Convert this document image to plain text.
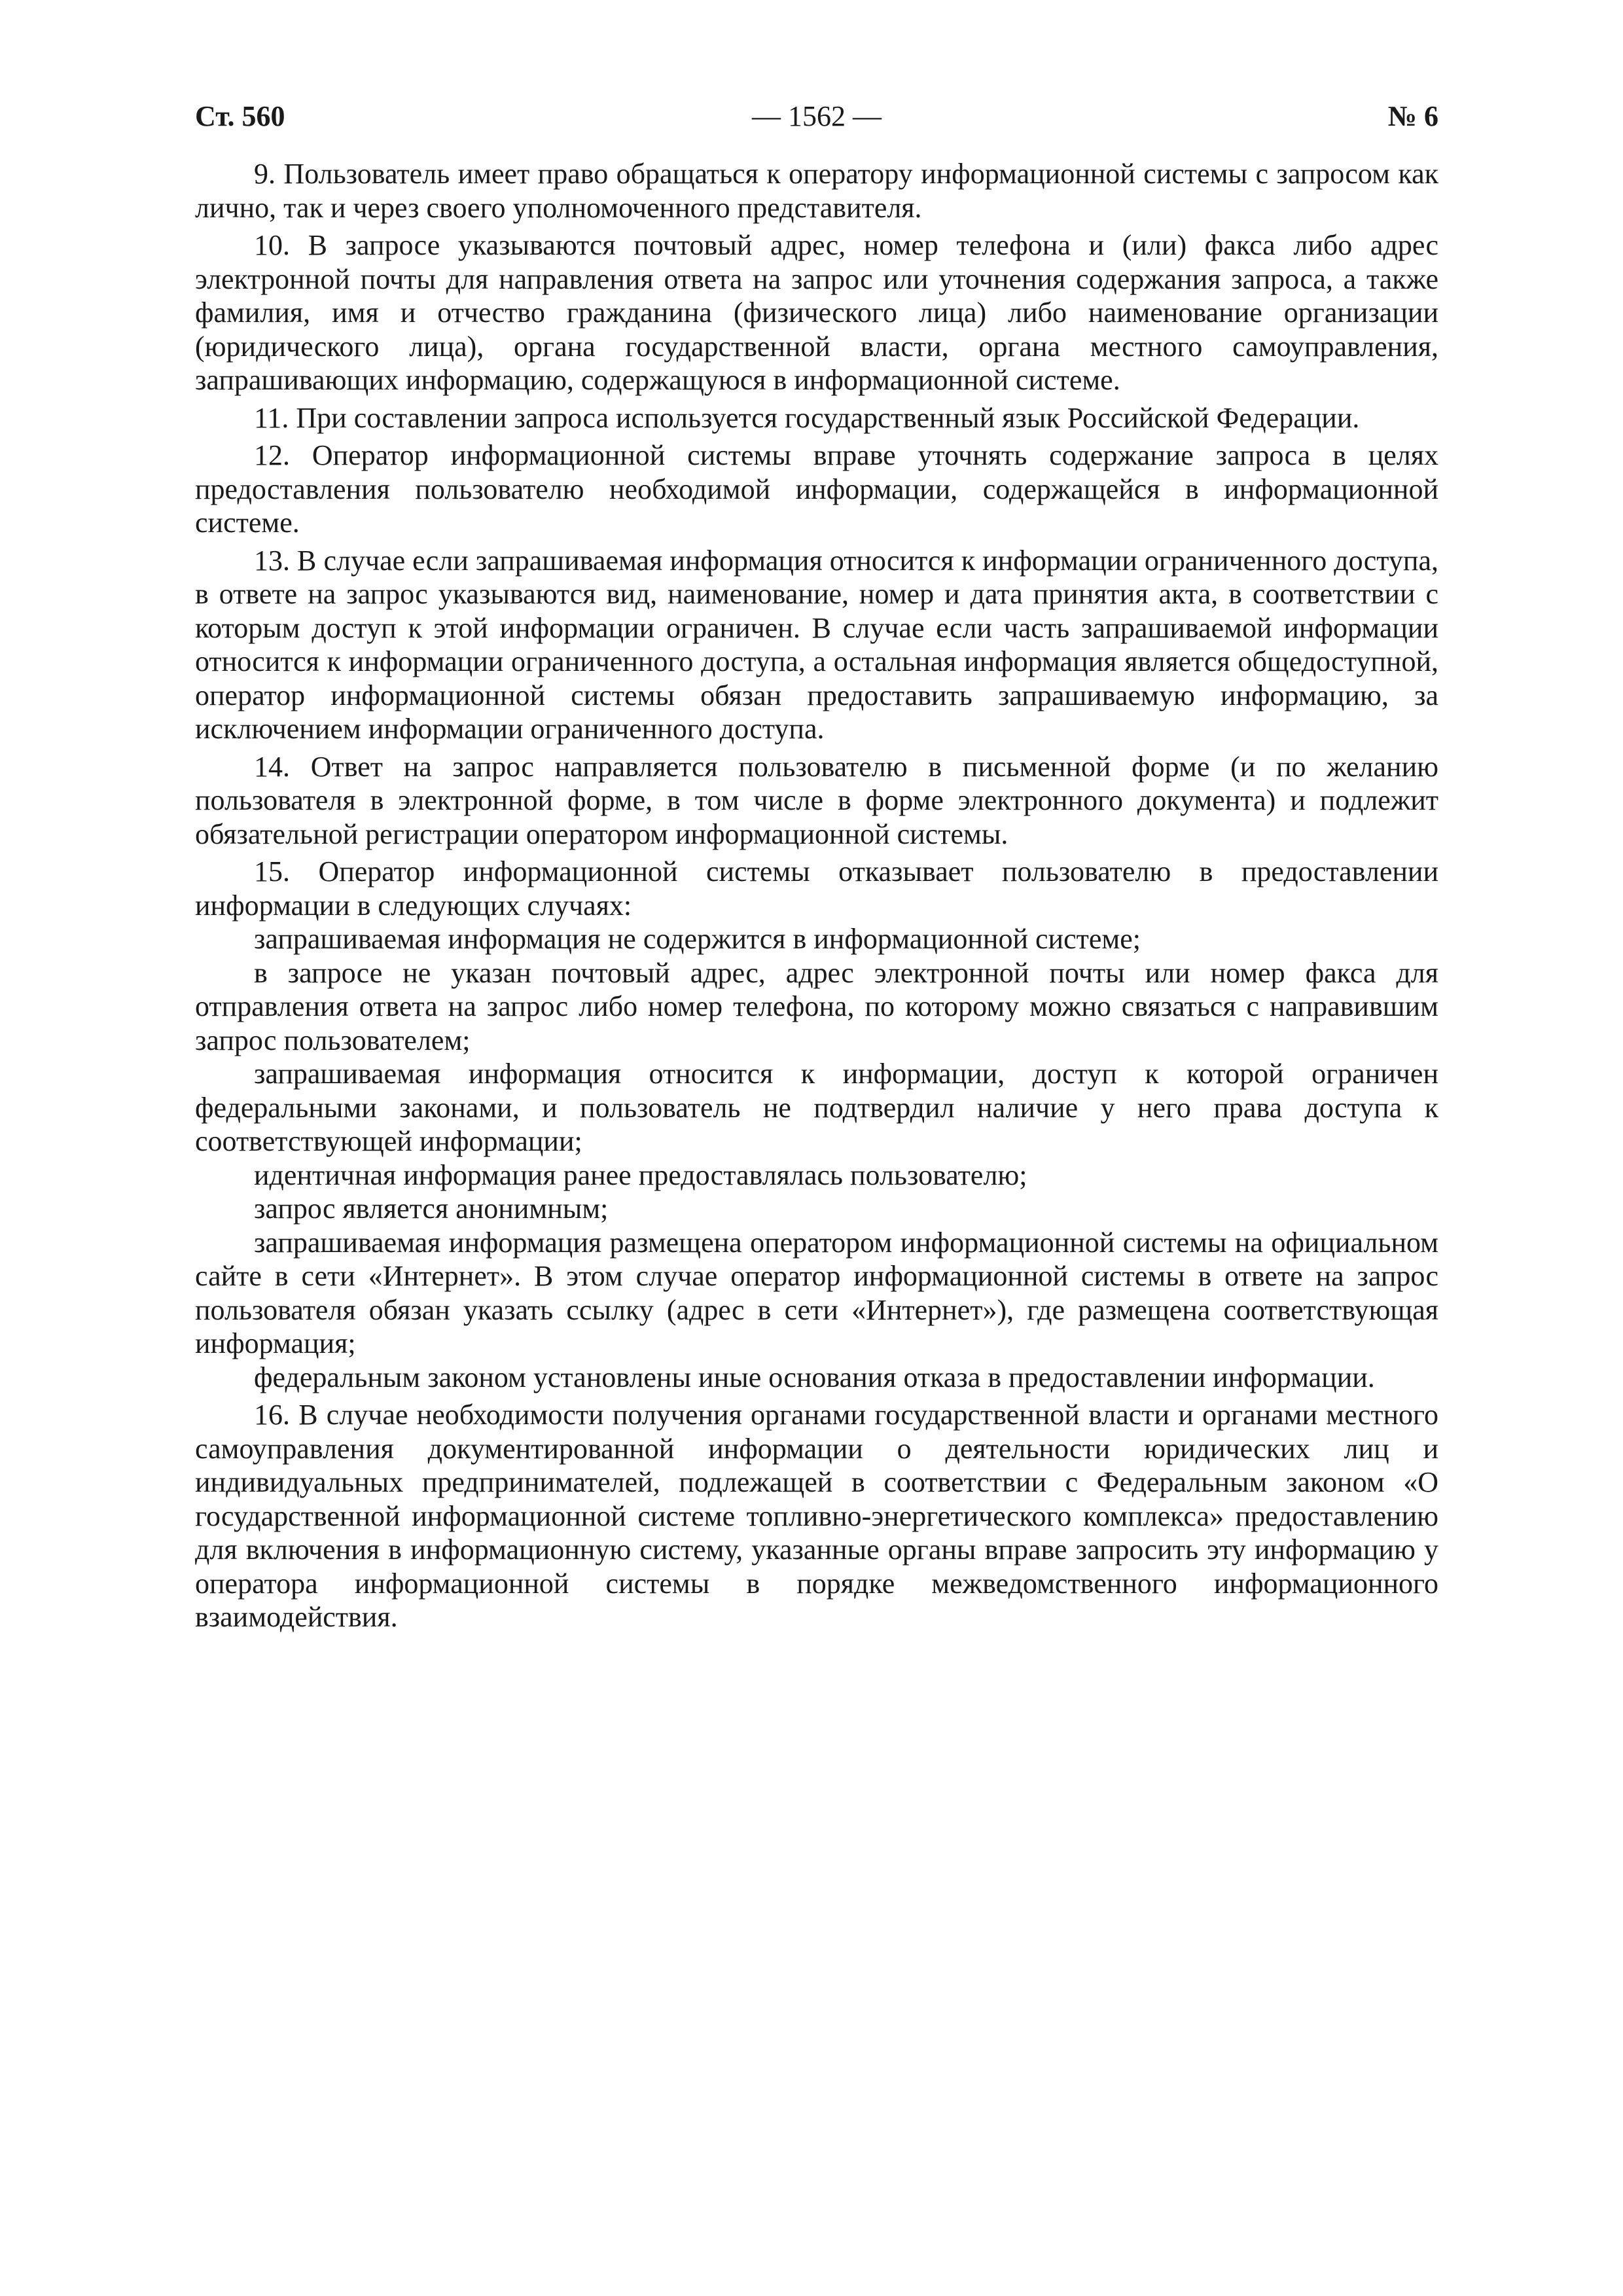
Ст. 560	— 1562 —	№ 6

9. Пользователь имеет право обращаться к оператору информационной системы с запросом как лично, так и через своего уполномоченного представителя.

10. В запросе указываются почтовый адрес, номер телефона и (или) факса либо адрес электронной почты для направления ответа на запрос или уточнения содержания запроса, а также фамилия, имя и отчество гражданина (физического лица) либо наименование организации (юридического лица), органа государственной власти, органа местного самоуправления, запрашивающих информацию, содержащуюся в информационной системе.

11. При составлении запроса используется государственный язык Российской Федерации.

12. Оператор информационной системы вправе уточнять содержание запроса в целях предоставления пользователю необходимой информации, содержащейся в информационной системе.

13. В случае если запрашиваемая информация относится к информации ограниченного доступа, в ответе на запрос указываются вид, наименование, номер и дата принятия акта, в соответствии с которым доступ к этой информации ограничен. В случае если часть запрашиваемой информации относится к информации ограниченного доступа, а остальная информация является общедоступной, оператор информационной системы обязан предоставить запрашиваемую информацию, за исключением информации ограниченного доступа.

14. Ответ на запрос направляется пользователю в письменной форме (и по желанию пользователя в электронной форме, в том числе в форме электронного документа) и подлежит обязательной регистрации оператором информационной системы.

15. Оператор информационной системы отказывает пользователю в предоставлении информации в следующих случаях:

запрашиваемая информация не содержится в информационной системе;

в запросе не указан почтовый адрес, адрес электронной почты или номер факса для отправления ответа на запрос либо номер телефона, по которому можно связаться с направившим запрос пользователем;

запрашиваемая информация относится к информации, доступ к которой ограничен федеральными законами, и пользователь не подтвердил наличие у него права доступа к соответствующей информации;

идентичная информация ранее предоставлялась пользователю;

запрос является анонимным;

запрашиваемая информация размещена оператором информационной системы на официальном сайте в сети «Интернет». В этом случае оператор информационной системы в ответе на запрос пользователя обязан указать ссылку (адрес в сети «Интернет»), где размещена соответствующая информация;

федеральным законом установлены иные основания отказа в предоставлении информации.

16. В случае необходимости получения органами государственной власти и органами местного самоуправления документированной информации о деятельности юридических лиц и индивидуальных предпринимателей, подлежащей в соответствии с Федеральным законом «О государственной информационной системе топливно-энергетического комплекса» предоставлению для включения в информационную систему, указанные органы вправе запросить эту информацию у оператора информационной системы в порядке межведомственного информационного взаимодействия.
